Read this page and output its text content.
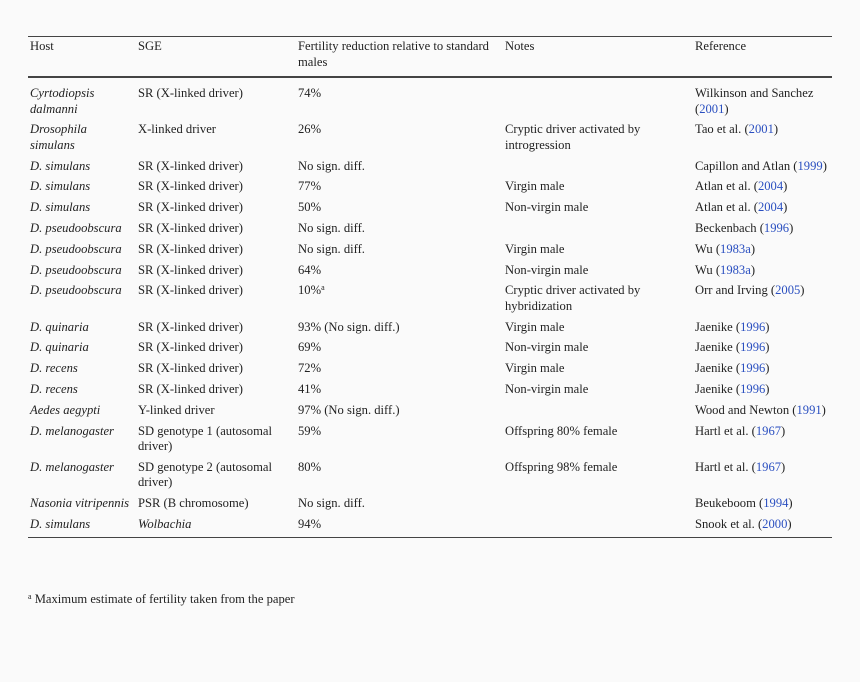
Host	SGE	Fertility reduction relative to standard males	Notes	Reference
Cyrtodiopsis dalmanni	SR (X-linked driver)	74%		Wilkinson and Sanchez (2001)
Drosophila simulans	X-linked driver	26%	Cryptic driver activated by introgression	Tao et al. (2001)
D. simulans	SR (X-linked driver)	No sign. diff.		Capillon and Atlan (1999)
D. simulans	SR (X-linked driver)	77%	Virgin male	Atlan et al. (2004)
D. simulans	SR (X-linked driver)	50%	Non-virgin male	Atlan et al. (2004)
D. pseudoobscura	SR (X-linked driver)	No sign. diff.		Beckenbach (1996)
D. pseudoobscura	SR (X-linked driver)	No sign. diff.	Virgin male	Wu (1983a)
D. pseudoobscura	SR (X-linked driver)	64%	Non-virgin male	Wu (1983a)
D. pseudoobscura	SR (X-linked driver)	10%$^a$	Cryptic driver activated by hybridization	Orr and Irving (2005)
D. quinaria	SR (X-linked driver)	93% (No sign. diff.)	Virgin male	Jaenike (1996)
D. quinaria	SR (X-linked driver)	69%	Non-virgin male	Jaenike (1996)
D. recens	SR (X-linked driver)	72%	Virgin male	Jaenike (1996)
D. recens	SR (X-linked driver)	41%	Non-virgin male	Jaenike (1996)
Aedes aegypti	Y-linked driver	97% (No sign. diff.)		Wood and Newton (1991)
D. melanogaster	SD genotype 1 (autosomal driver)	59%	Offspring 80% female	Hartl et al. (1967)
D. melanogaster	SD genotype 2 (autosomal driver)	80%	Offspring 98% female	Hartl et al. (1967)
Nasonia vitripennis	PSR (B chromosome)	No sign. diff.		Beukeboom (1994)
D. simulans	Wolbachia	94%		Snook et al. (2000)
$^a$ Maximum estimate of fertility taken from the paper
